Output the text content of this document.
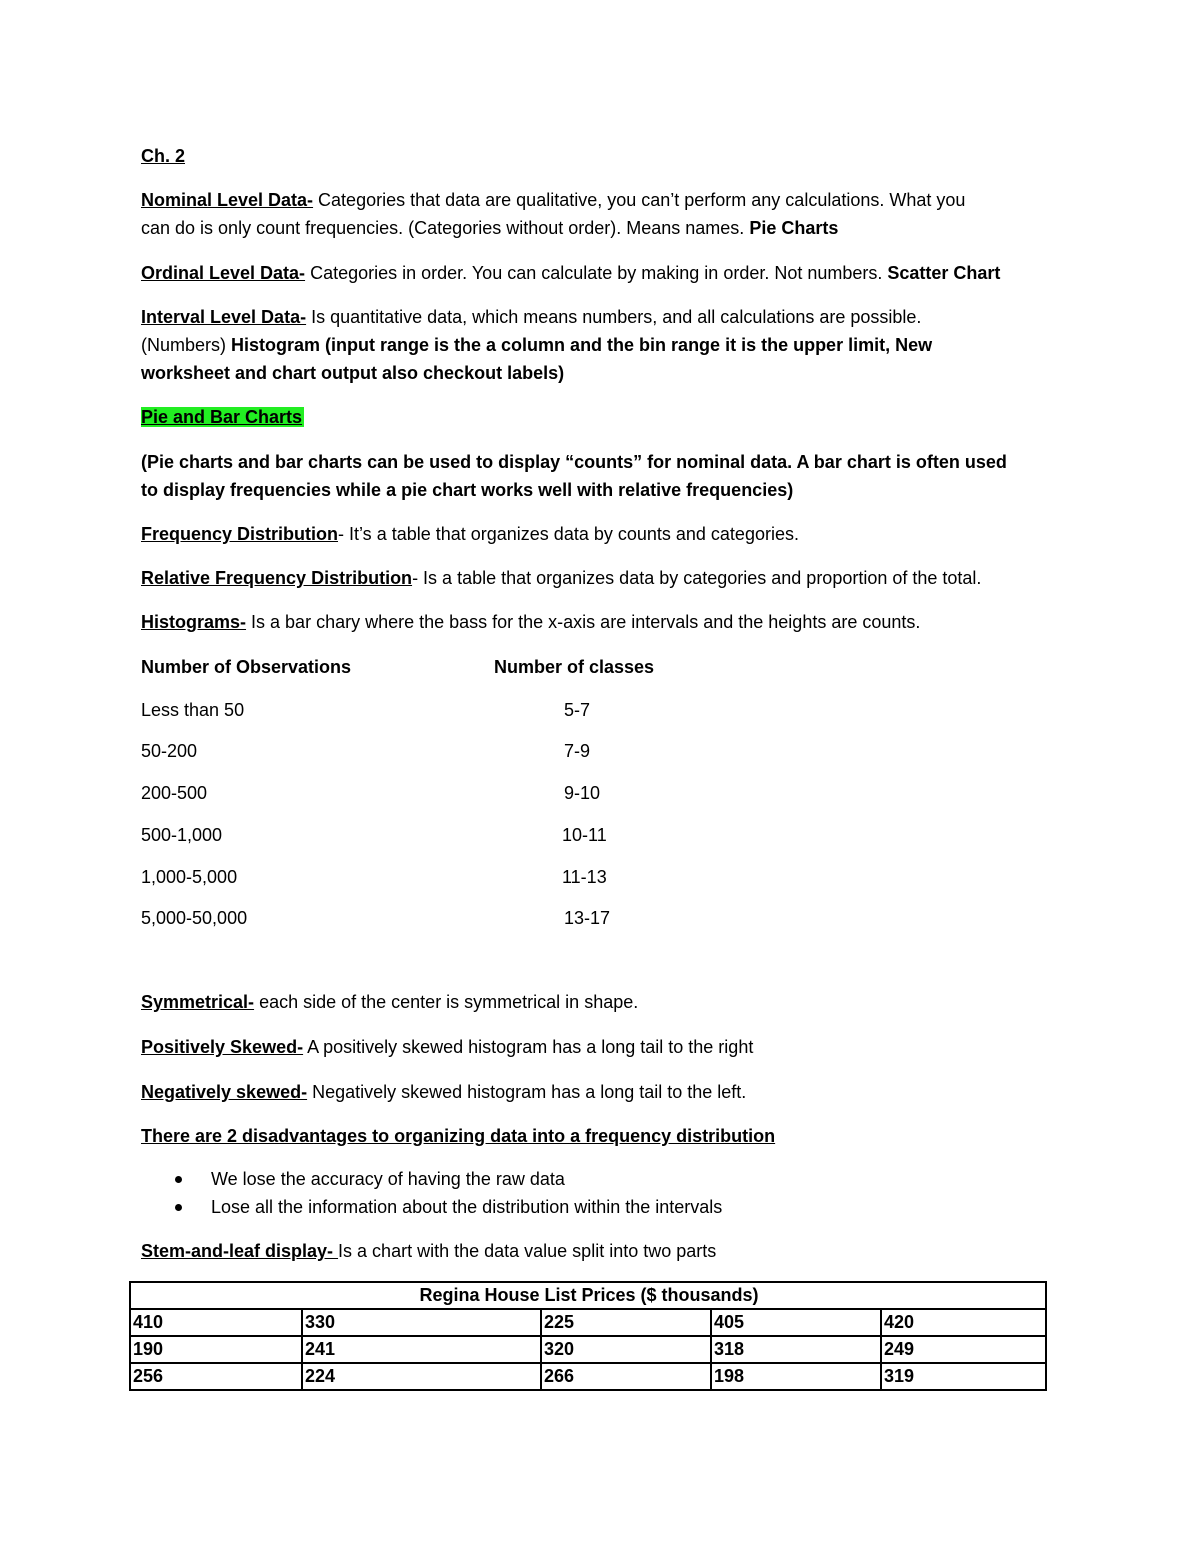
Ch. 2
Nominal Level Data- Categories that data are qualitative, you can’t perform any calculations. What you
can do is only count frequencies. (Categories without order). Means names. Pie Charts
Ordinal Level Data- Categories in order. You can calculate by making in order. Not numbers. Scatter Chart
Interval Level Data- Is quantitative data, which means numbers, and all calculations are possible.
(Numbers) Histogram (input range is the a column and the bin range it is the upper limit, New
worksheet and chart output also checkout labels)
Pie and Bar Charts
(Pie charts and bar charts can be used to display “counts” for nominal data. A bar chart is often used
to display frequencies while a pie chart works well with relative frequencies)
Frequency Distribution- It’s a table that organizes data by counts and categories.
Relative Frequency Distribution- Is a table that organizes data by categories and proportion of the total.
Histograms- Is a bar chary where the bass for the x-axis are intervals and the heights are counts.
Number of Observations	Number of classes
Less than 50	5-7
50-200	7-9
200-500	9-10
500-1,000	10-11
1,000-5,000	11-13
5,000-50,000	13-17
Symmetrical- each side of the center is symmetrical in shape.
Positively Skewed- A positively skewed histogram has a long tail to the right
Negatively skewed- Negatively skewed histogram has a long tail to the left.
There are 2 disadvantages to organizing data into a frequency distribution
We lose the accuracy of having the raw data
Lose all the information about the distribution within the intervals
Stem-and-leaf display- Is a chart with the data value split into two parts
Regina House List Prices ($ thousands)				
410	330	225	405	420
190	241	320	318	249
256	224	266	198	319
